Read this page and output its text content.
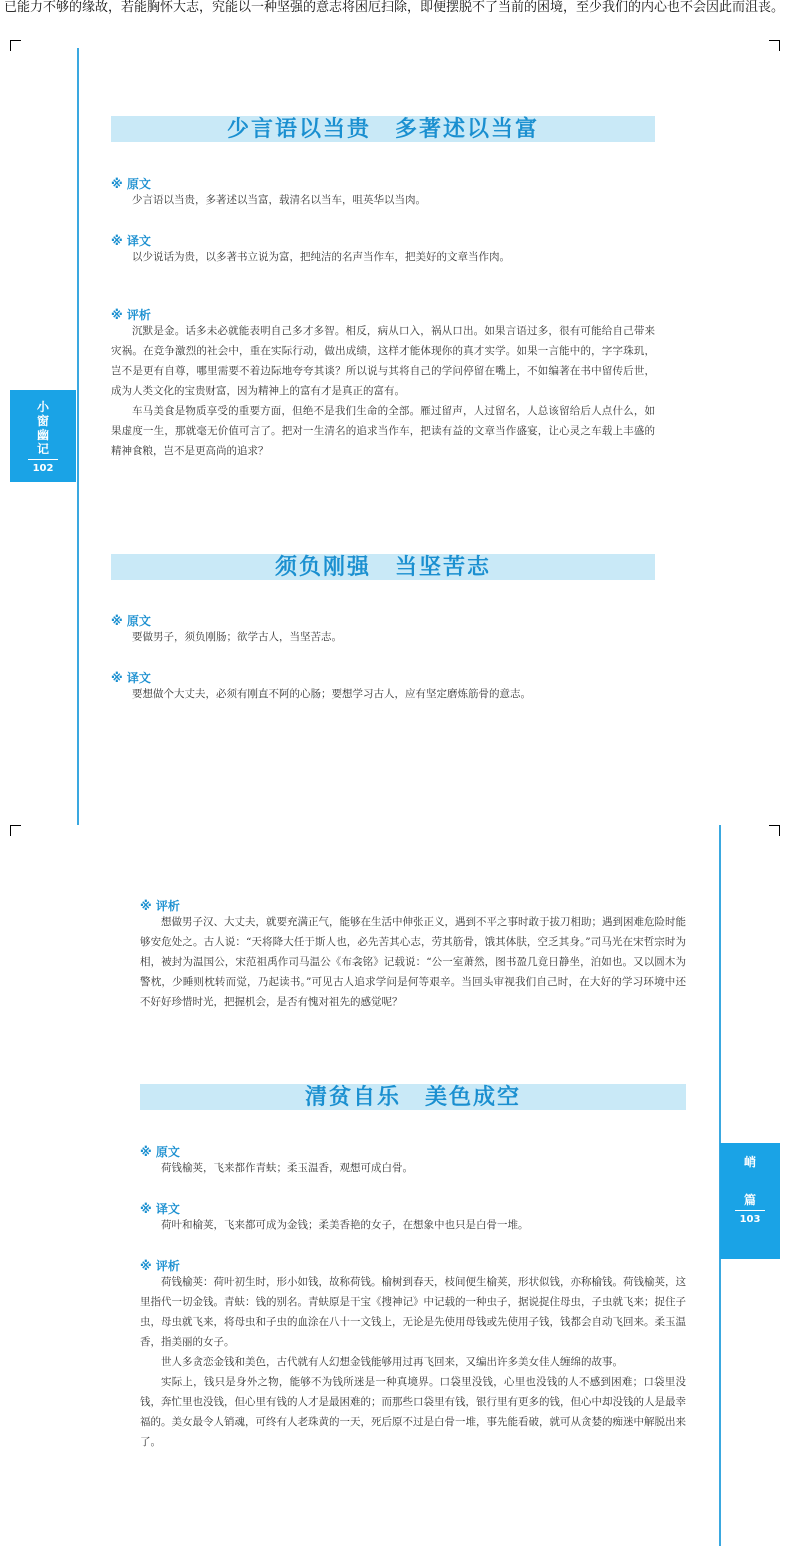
已能力不够的缘故，若能胸怀大志，究能以一种坚强的意志将困厄扫除，即便摆脱不了当前的困境，至少我们的内心也不会因此而沮丧。
小
窗
幽
记
102
少言语以当贵　多著述以当富
※ 原文

少言语以当贵，多著述以当富，载清名以当车，咀英华以当肉。

※ 译文

以少说话为贵，以多著书立说为富，把纯洁的名声当作车，把美好的文章当作肉。

※ 评析

沉默是金。话多未必就能表明自己多才多智。相反，病从口入，祸从口出。如果言语过多，很有可能给自己带来灾祸。在竞争激烈的社会中，重在实际行动，做出成绩，这样才能体现你的真才实学。如果一言能中的，字字珠玑，岂不是更有自尊，哪里需要不着边际地夸夸其谈？所以说与其将自己的学问停留在嘴上，不如编著在书中留传后世，成为人类文化的宝贵财富，因为精神上的富有才是真正的富有。

车马美食是物质享受的重要方面，但绝不是我们生命的全部。雁过留声，人过留名，人总该留给后人点什么，如果虚度一生，那就毫无价值可言了。把对一生清名的追求当作车，把读有益的文章当作盛宴，让心灵之车载上丰盛的精神食粮，岂不是更高尚的追求？

须负刚强　当坚苦志
※ 原文

要做男子，须负刚肠；欲学古人，当坚苦志。

※ 译文

要想做个大丈夫，必须有刚直不阿的心肠；要想学习古人，应有坚定磨炼筋骨的意志。

峭
篇
103
※ 评析

想做男子汉、大丈夫，就要充满正气，能够在生活中伸张正义，遇到不平之事时敢于拔刀相助；遇到困难危险时能够安危处之。古人说：“天将降大任于斯人也，必先苦其心志，劳其筋骨，饿其体肤，空乏其身。”司马光在宋哲宗时为相，被封为温国公，宋范祖禹作司马温公《布衾铭》记载说：“公一室萧然，图书盈几竟日静坐，泊如也。又以圆木为警枕，少睡则枕转而觉，乃起读书。”可见古人追求学问是何等艰辛。当回头审视我们自己时，在大好的学习环境中还不好好珍惜时光，把握机会，是否有愧对祖先的感觉呢？

清贫自乐　美色成空
※ 原文

荷钱榆荚，飞来都作青蚨；柔玉温香，观想可成白骨。

※ 译文

荷叶和榆荚，飞来都可成为金钱；柔美香艳的女子，在想象中也只是白骨一堆。

※ 评析

荷钱榆荚：荷叶初生时，形小如钱，故称荷钱。榆树到春天，枝间便生榆荚，形状似钱，亦称榆钱。荷钱榆荚，这里指代一切金钱。青蚨：钱的别名。青蚨原是干宝《搜神记》中记载的一种虫子，据说捉住母虫，子虫就飞来；捉住子虫，母虫就飞来，将母虫和子虫的血涂在八十一文钱上，无论是先使用母钱或先使用子钱，钱都会自动飞回来。柔玉温香，指美丽的女子。

世人多贪恋金钱和美色，古代就有人幻想金钱能够用过再飞回来，又编出许多美女佳人缠绵的故事。

实际上，钱只是身外之物，能够不为钱所迷是一种真境界。口袋里没钱，心里也没钱的人不感到困难；口袋里没钱，奔忙里也没钱，但心里有钱的人才是最困难的；而那些口袋里有钱，银行里有更多的钱，但心中却没钱的人是最幸福的。美女最令人销魂，可终有人老珠黄的一天，死后原不过是白骨一堆，事先能看破，就可从贪婪的痴迷中解脱出来了。
